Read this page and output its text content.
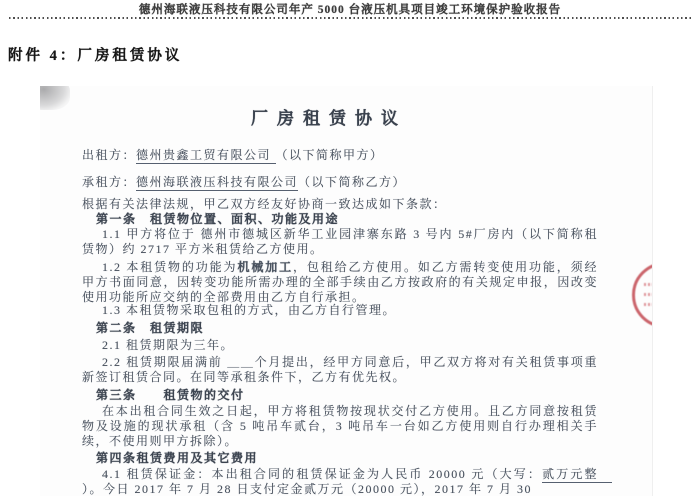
德州海联液压科技有限公司年产 5000 台液压机具项目竣工环境保护验收报告
附件 4：厂房租赁协议
厂房租赁协议
出租方：德州贵鑫工贸有限公司 （以下简称甲方）
承租方：德州海联液压科技有限公司（以下简称乙方）
根据有关法律法规，甲乙双方经友好协商一致达成如下条款：
第一条　租赁物位置、面积、功能及用途
1.1 甲方将位于 德州市德城区新华工业园津寨东路 3 号内 5#厂房内（以下简称租赁物）约 2717 平方米租赁给乙方使用。
1.2 本租赁物的功能为机械加工，包租给乙方使用。如乙方需转变使用功能，须经甲方书面同意，因转变功能所需办理的全部手续由乙方按政府的有关规定申报，因改变使用功能所应交纳的全部费用由乙方自行承担。
1.3 本租赁物采取包租的方式，由乙方自行管理。
第二条　租赁期限
2.1 租赁期限为三年。
2.2 租赁期限届满前 ＿＿个月提出，经甲方同意后，甲乙双方将对有关租赁事项重新签订租赁合同。在同等承租条件下，乙方有优先权。
第三条　　租赁物的交付
在本出租合同生效之日起，甲方将租赁物按现状交付乙方使用。且乙方同意按租赁物及设施的现状承租（含 5 吨吊车贰台，3 吨吊车一台如乙方使用则自行办理相关手续，不使用则甲方拆除）。
第四条租赁费用及其它费用
4.1 租赁保证金：本出租合同的租赁保证金为人民币 20000 元（大写：贰万元整　）。今日 2017 年 7 月 28 日支付定金贰万元（20000 元），2017 年 7 月 30
